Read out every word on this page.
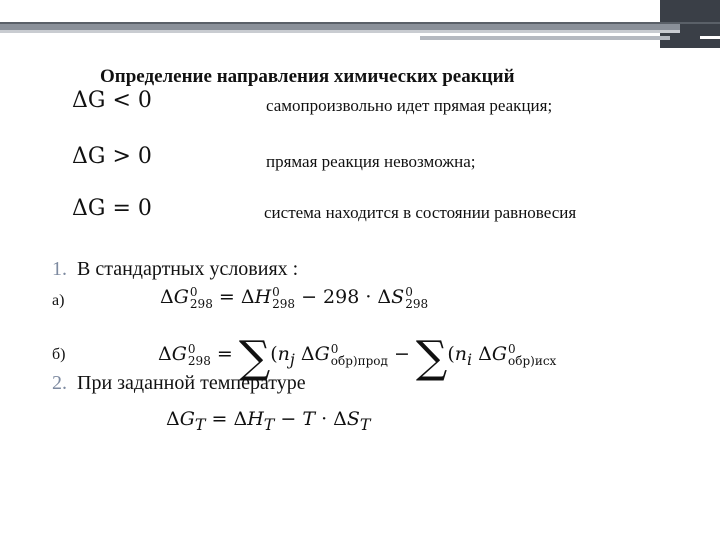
Определение направления химических реакций
ΔG < 0	самопроизвольно идет прямая реакция;
ΔG > 0	прямая реакция невозможна;
ΔG = 0	система находится в состоянии равновесия
1. В стандартных условиях :
а)	ΔG 0
298 = ΔH 0
298 − 298 · ΔS 0
298
б)	ΔG 0
$298 = \sum(n_j$ ΔG 0
обр)прод − $\sum(n_i$ ΔG 0
обр)исх
2. При заданной температуре
$\Delta G_T = \Delta H_T - T \cdot \Delta S_T$
